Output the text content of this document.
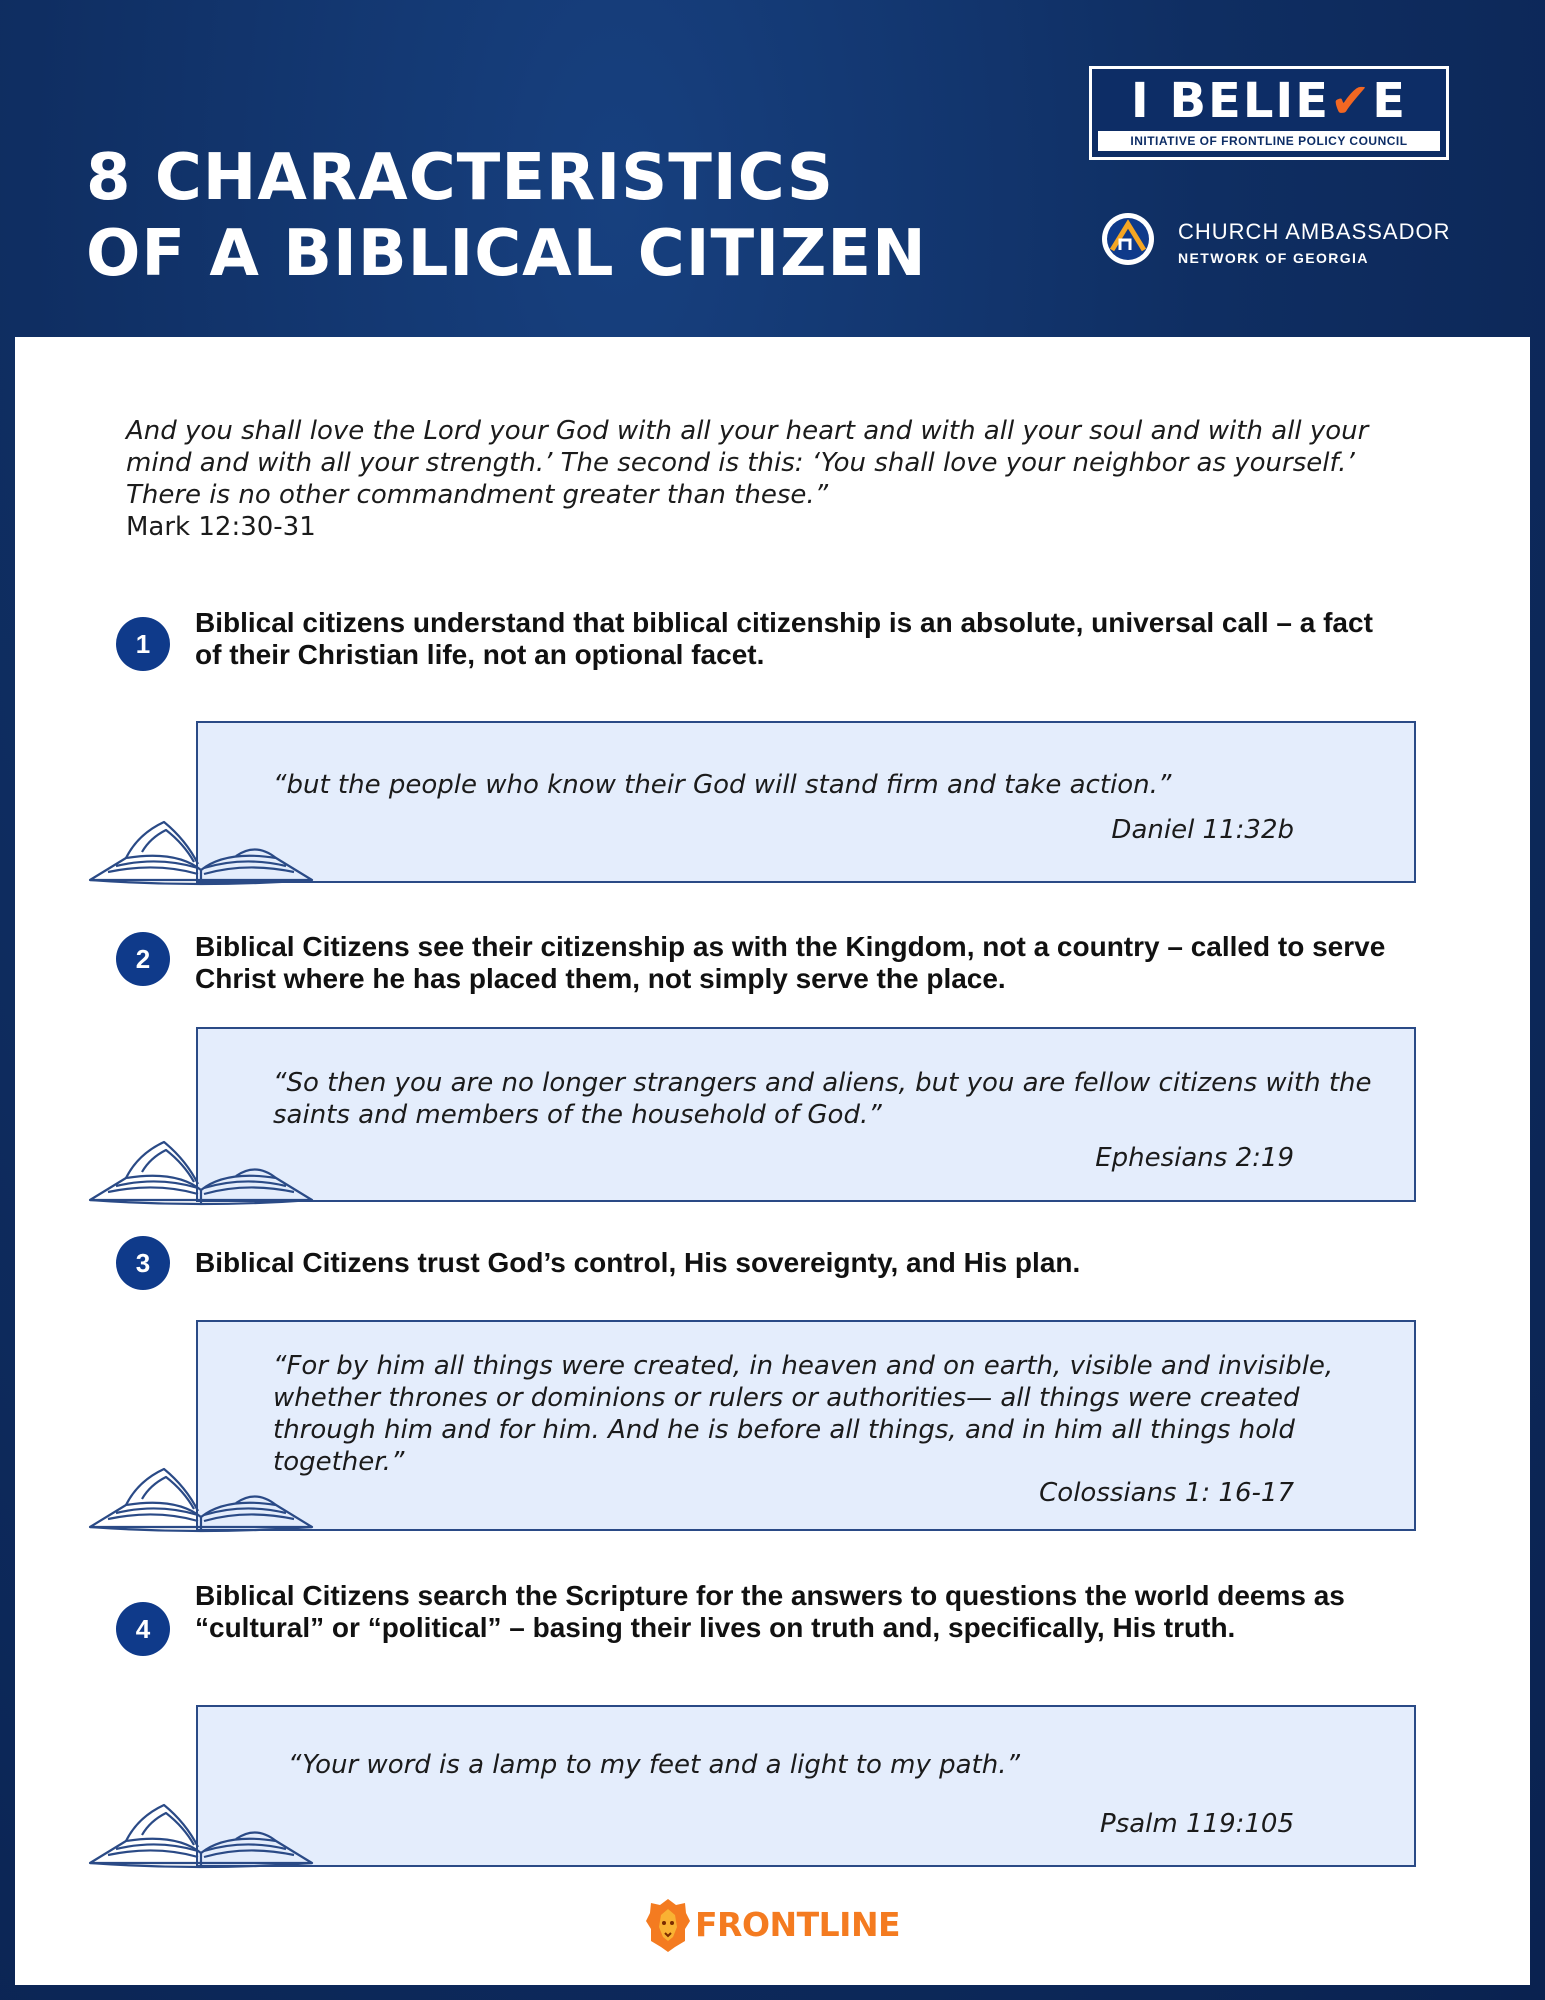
8 CHARACTERISTICS
OF A BIBLICAL CITIZEN
I BELIE✔E
INITIATIVE OF FRONTLINE POLICY COUNCIL
CHURCH AMBASSADOR
NETWORK OF GEORGIA

And you shall love the Lord your God with all your heart and with all your soul and with all your mind and with all your strength.’ The second is this: ‘You shall love your neighbor as yourself.’ There is no other commandment greater than these.”

Mark 12:30-31

1

Biblical citizens understand that biblical citizenship is an absolute, universal call – a fact of their Christian life, not an optional facet.

“but the people who know their God will stand firm and take action.”

Daniel 11:32b

2	Biblical Citizens see their citizenship as with the Kingdom, not a country – called to serve Christ where he has placed them, not simply serve the place.

“So then you are no longer strangers and aliens, but you are fellow citizens with the saints and members of the household of God.”

Ephesians 2:19

3	Biblical Citizens trust God’s control, His sovereignty, and His plan.

“For by him all things were created, in heaven and on earth, visible and invisible, whether thrones or dominions or rulers or authorities— all things were created through him and for him. And he is before all things, and in him all things hold together.”

Colossians 1: 16-17

4

Biblical Citizens search the Scripture for the answers to questions the world deems as “cultural” or “political” – basing their lives on truth and, specifically, His truth.

“Your word is a lamp to my feet and a light to my path.”

Psalm 119:105

FRONTLINE
